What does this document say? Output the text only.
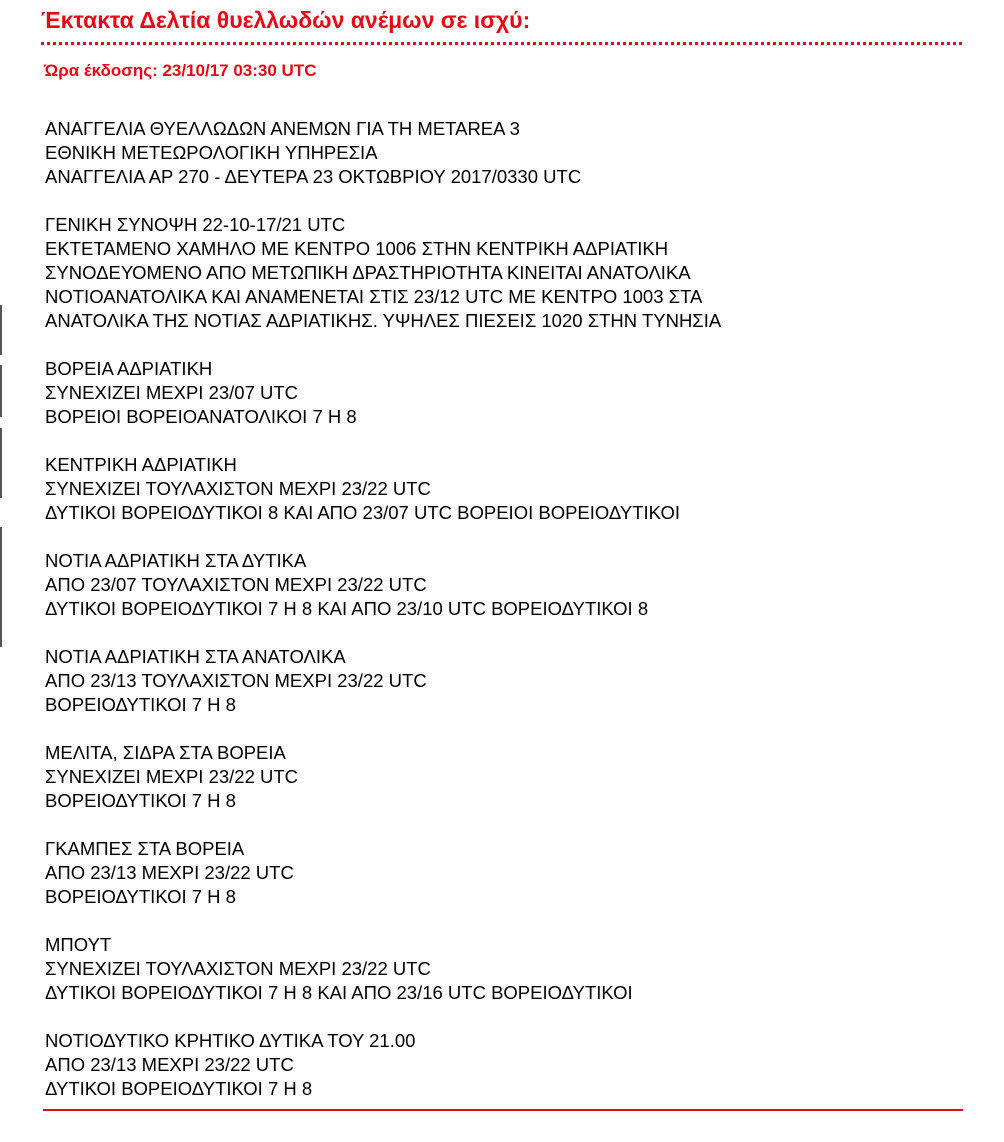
Έκτακτα Δελτία θυελλωδών ανέμων σε ισχύ:
Ώρα έκδοσης: 23/10/17 03:30 UTC
ΑΝΑΓΓΕΛΙΑ ΘΥΕΛΛΩΔΩΝ ΑΝΕΜΩΝ ΓΙΑ ΤΗ METAREA 3
ΕΘΝΙΚΗ ΜΕΤΕΩΡΟΛΟΓΙΚΗ ΥΠΗΡΕΣΙΑ
ΑΝΑΓΓΕΛΙΑ ΑΡ 270 - ΔΕΥΤΕΡΑ 23 ΟΚΤΩΒΡΙΟΥ 2017/0330 UTC
ΓΕΝΙΚΗ ΣΥΝΟΨΗ 22-10-17/21 UTC
ΕΚΤΕΤΑΜΕΝΟ ΧΑΜΗΛΟ ΜΕ ΚΕΝΤΡΟ 1006 ΣΤΗΝ ΚΕΝΤΡΙΚΗ ΑΔΡΙΑΤΙΚΗ
ΣΥΝΟΔΕΥΟΜΕΝΟ ΑΠΟ ΜΕΤΩΠΙΚΗ ΔΡΑΣΤΗΡΙΟΤΗΤΑ ΚΙΝΕΙΤΑΙ ΑΝΑΤΟΛΙΚΑ
ΝΟΤΙΟΑΝΑΤΟΛΙΚΑ ΚΑΙ ΑΝΑΜΕΝΕΤΑΙ ΣΤΙΣ 23/12 UTC ΜΕ ΚΕΝΤΡΟ 1003 ΣΤΑ
ΑΝΑΤΟΛΙΚΑ ΤΗΣ ΝΟΤΙΑΣ ΑΔΡΙΑΤΙΚΗΣ. ΥΨΗΛΕΣ ΠΙΕΣΕΙΣ 1020 ΣΤΗΝ ΤΥΝΗΣΙΑ
ΒΟΡΕΙΑ ΑΔΡΙΑΤΙΚΗ
ΣΥΝΕΧΙΖΕΙ ΜΕΧΡΙ 23/07 UTC
ΒΟΡΕΙΟΙ ΒΟΡΕΙΟΑΝΑΤΟΛΙΚΟΙ 7 Η 8
ΚΕΝΤΡΙΚΗ ΑΔΡΙΑΤΙΚΗ
ΣΥΝΕΧΙΖΕΙ ΤΟΥΛΑΧΙΣΤΟΝ ΜΕΧΡΙ 23/22 UTC
ΔΥΤΙΚΟΙ ΒΟΡΕΙΟΔΥΤΙΚΟΙ 8 ΚΑΙ ΑΠΟ 23/07 UTC ΒΟΡΕΙΟΙ ΒΟΡΕΙΟΔΥΤΙΚΟΙ
ΝΟΤΙΑ ΑΔΡΙΑΤΙΚΗ ΣΤΑ ΔΥΤΙΚΑ
ΑΠΟ 23/07 ΤΟΥΛΑΧΙΣΤΟΝ ΜΕΧΡΙ 23/22 UTC
ΔΥΤΙΚΟΙ ΒΟΡΕΙΟΔΥΤΙΚΟΙ 7 Η 8 ΚΑΙ ΑΠΟ 23/10 UTC ΒΟΡΕΙΟΔΥΤΙΚΟΙ 8
ΝΟΤΙΑ ΑΔΡΙΑΤΙΚΗ ΣΤΑ ΑΝΑΤΟΛΙΚΑ
ΑΠΟ 23/13 ΤΟΥΛΑΧΙΣΤΟΝ ΜΕΧΡΙ 23/22 UTC
ΒΟΡΕΙΟΔΥΤΙΚΟΙ 7 Η 8
ΜΕΛΙΤΑ, ΣΙΔΡΑ ΣΤΑ ΒΟΡΕΙΑ
ΣΥΝΕΧΙΖΕΙ ΜΕΧΡΙ 23/22 UTC
ΒΟΡΕΙΟΔΥΤΙΚΟΙ 7 Η 8
ΓΚΑΜΠΕΣ ΣΤΑ ΒΟΡΕΙΑ
ΑΠΟ 23/13 ΜΕΧΡΙ 23/22 UTC
ΒΟΡΕΙΟΔΥΤΙΚΟΙ 7 Η 8
ΜΠΟΥΤ
ΣΥΝΕΧΙΖΕΙ ΤΟΥΛΑΧΙΣΤΟΝ ΜΕΧΡΙ 23/22 UTC
ΔΥΤΙΚΟΙ ΒΟΡΕΙΟΔΥΤΙΚΟΙ 7 Η 8 ΚΑΙ ΑΠΟ 23/16 UTC ΒΟΡΕΙΟΔΥΤΙΚΟΙ
ΝΟΤΙΟΔΥΤΙΚΟ ΚΡΗΤΙΚΟ ΔΥΤΙΚΑ ΤΟΥ 21.00
ΑΠΟ 23/13 ΜΕΧΡΙ 23/22 UTC
ΔΥΤΙΚΟΙ ΒΟΡΕΙΟΔΥΤΙΚΟΙ 7 Η 8
